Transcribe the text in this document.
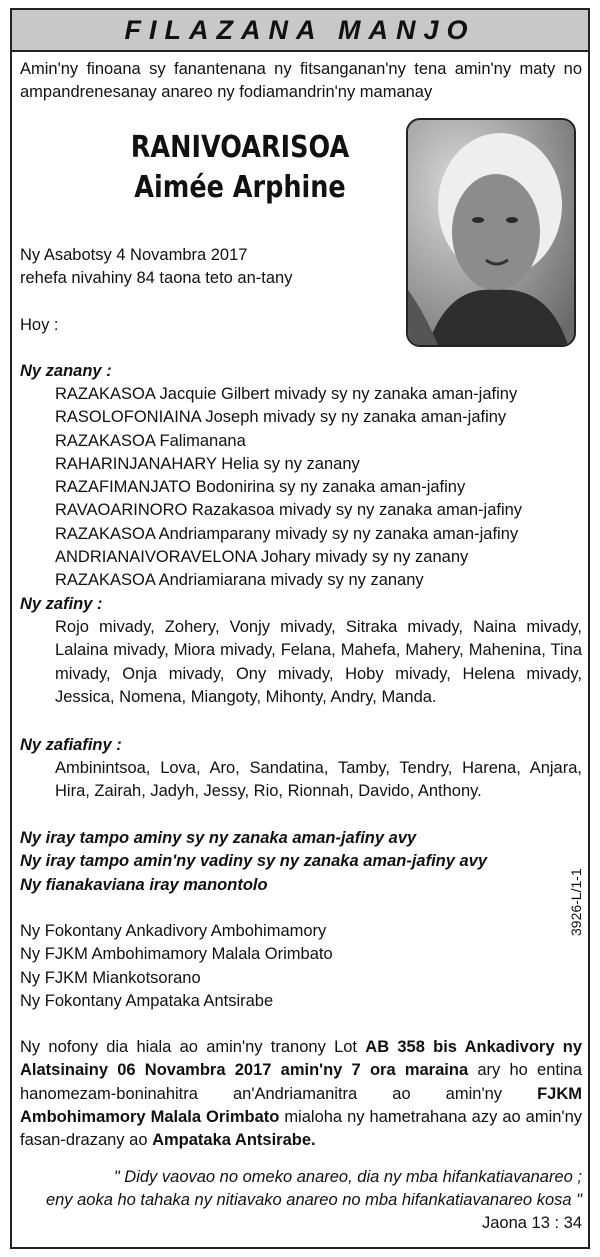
FILAZANA MANJO
Amin'ny finoana sy fanantenana ny fitsanganan'ny tena amin'ny maty no ampandrenesanay anareo ny fodiamandrin'ny mamanay
RANIVOARISOA
Aimée Arphine
Ny Asabotsy 4 Novambra 2017
rehefa nivahiny 84 taona teto an-tany
Hoy :
Ny zanany :
RAZAKASOA Jacquie Gilbert mivady sy ny zanaka aman-jafiny
RASOLOFONIAINA Joseph mivady sy ny zanaka aman-jafiny
RAZAKASOA Falimanana
RAHARINJANAHARY Helia sy ny zanany
RAZAFIMANJATO Bodonirina sy ny zanaka aman-jafiny
RAVAOARINORO Razakasoa mivady sy ny zanaka aman-jafiny
RAZAKASOA Andriamparany mivady sy ny zanaka aman-jafiny
ANDRIANAIVORAVELONA Johary mivady sy ny zanany
RAZAKASOA Andriamiarana mivady sy ny zanany
Ny zafiny :
Rojo mivady, Zohery, Vonjy mivady, Sitraka mivady, Naina mivady, Lalaina mivady, Miora mivady, Felana, Mahefa, Mahery, Mahenina, Tina mivady, Onja mivady, Ony mivady, Hoby mivady, Helena mivady, Jessica, Nomena, Miangoty, Mihonty, Andry, Manda.
Ny zafiafiny :
Ambinintsoa, Lova, Aro, Sandatina, Tamby, Tendry, Harena, Anjara, Hira, Zairah, Jadyh, Jessy, Rio, Rionnah, Davido, Anthony.
Ny iray tampo aminy sy ny zanaka aman-jafiny avy
Ny iray tampo amin'ny vadiny sy ny zanaka aman-jafiny avy
Ny fianakaviana iray manontolo
Ny Fokontany Ankadivory Ambohimamory
Ny FJKM Ambohimamory Malala Orimbato
Ny FJKM Miankotsorano
Ny Fokontany Ampataka Antsirabe
Ny nofony dia hiala ao amin'ny tranony Lot AB 358 bis Ankadivory ny Alatsinainy 06 Novambra 2017 amin'ny 7 ora maraina ary ho entina hanomezam-boninahitra an'Andriamanitra ao amin'ny FJKM Ambohimamory Malala Orimbato mialoha ny hametrahana azy ao amin'ny fasan-drazany ao Ampataka Antsirabe.
" Didy vaovao no omeko anareo, dia ny mba hifankatiavanareo ;
eny aoka ho tahaka ny nitiavako anareo no mba hifankatiavanareo kosa "
Jaona 13 : 34
3926-L/1-1
